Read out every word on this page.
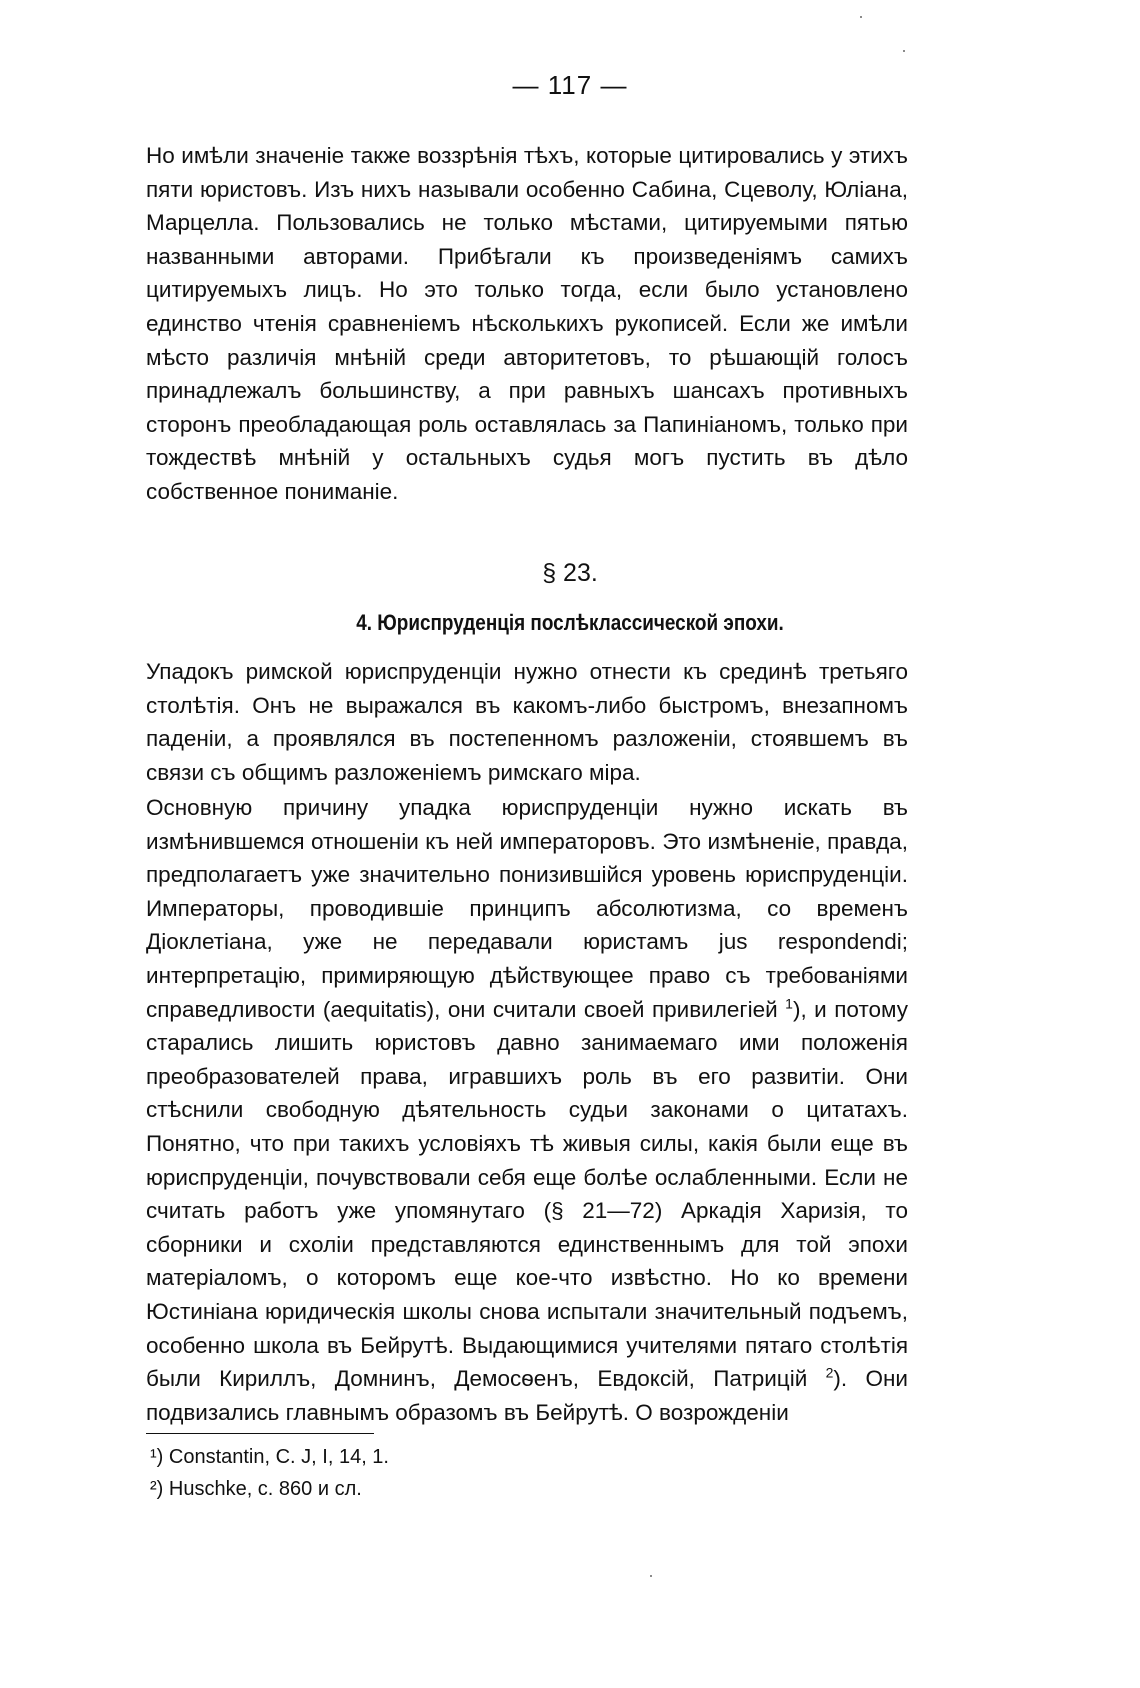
— 117 —

Но имѣли значеніе также воззрѣнія тѣхъ, которые цитировались у этихъ пяти юристовъ. Изъ нихъ называли особенно Сабина, Сцеволу, Юліана, Марцелла. Пользовались не только мѣстами, цитируемыми пятью названными авторами. Прибѣгали къ произведеніямъ самихъ цитируемыхъ лицъ. Но это только тогда, если было установлено единство чтенія сравненіемъ нѣсколькихъ рукописей. Если же имѣли мѣсто различія мнѣній среди авторитетовъ, то рѣшающій голосъ принадлежалъ большинству, а при равныхъ шансахъ противныхъ сторонъ преобладающая роль оставлялась за Папиніаномъ, только при тождествѣ мнѣній у остальныхъ судья могъ пустить въ дѣло собственное пониманіе.

§ 23.
4. Юриспруденція послѣклассической эпохи.

Упадокъ римской юриспруденціи нужно отнести къ срединѣ третьяго столѣтія. Онъ не выражался въ какомъ-либо быстромъ, внезапномъ паденіи, а проявлялся въ постепенномъ разложеніи, стоявшемъ въ связи съ общимъ разложеніемъ римскаго міра.

Основную причину упадка юриспруденціи нужно искать въ измѣнившемся отношеніи къ ней императоровъ. Это измѣненіе, правда, предполагаетъ уже значительно понизившійся уровень юриспруденціи. Императоры, проводившіе принципъ абсолютизма, со временъ Діоклетіана, уже не передавали юристамъ jus respondendi; интерпретацію, примиряющую дѣйствующее право съ требованіями справедливости (aequitatis), они считали своей привилегіей $^1$), и потому старались лишить юристовъ давно занимаемаго ими положенія преобразователей права, игравшихъ роль въ его развитіи. Они стѣснили свободную дѣятельность судьи законами о цитатахъ. Понятно, что при такихъ условіяхъ тѣ живыя силы, какія были еще въ юриспруденціи, почувствовали себя еще болѣе ослабленными. Если не считать работъ уже упомянутаго (§ 21—72) Аркадія Харизія, то сборники и схоліи представляются единственнымъ для той эпохи матеріаломъ, о которомъ еще кое-что извѣстно. Но ко времени Юстиніана юридическія школы снова испытали значительный подъемъ, особенно школа въ Бейрутѣ. Выдающимися учителями пятаго столѣтія были Кириллъ, Домнинъ, Демосѳенъ, Евдоксій, Патрицій $^2$). Они подвизались главнымъ образомъ въ Бейрутѣ. О возрожденіи

¹) Constantin, C. J, I, 14, 1.
²) Huschke, с. 860 и сл.
